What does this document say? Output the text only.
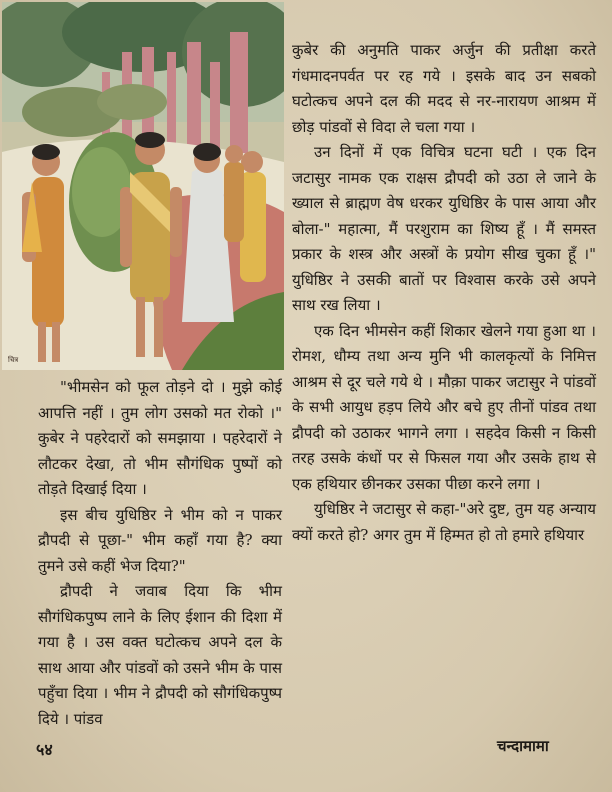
चित्र

कुबेर की अनुमति पाकर अर्जुन की प्रतीक्षा करते गंधमादनपर्वत पर रह गये । इसके बाद उन सबको घटोत्कच अपने दल की मदद से नर-नारायण आश्रम में छोड़ पांडवों से विदा ले चला गया ।

उन दिनों में एक विचित्र घटना घटी । एक दिन जटासुर नामक एक राक्षस द्रौपदी को उठा ले जाने के ख्याल से ब्राह्मण वेष धरकर युधिष्ठिर के पास आया और बोला-" महात्मा, मैं परशुराम का शिष्य हूँ । मैं समस्त प्रकार के शस्त्र और अस्त्रों के प्रयोग सीख चुका हूँ ।" युधिष्ठिर ने उसकी बातों पर विश्वास करके उसे अपने साथ रख लिया ।

एक दिन भीमसेन कहीं शिकार खेलने गया हुआ था । रोमश, धौम्य तथा अन्य मुनि भी कालकृत्यों के निमित्त आश्रम से दूर चले गये थे । मौक़ा पाकर जटासुर ने पांडवों के सभी आयुध हड़प लिये और बचे हुए तीनों पांडव तथा द्रौपदी को उठाकर भागने लगा । सहदेव किसी न किसी तरह उसके कंधों पर से फिसल गया और उसके हाथ से एक हथियार छीनकर उसका पीछा करने लगा ।

युधिष्ठिर ने जटासुर से कहा-"अरे दुष्ट, तुम यह अन्याय क्यों करते हो? अगर तुम में हिम्मत हो तो हमारे हथियार

"भीमसेन को फूल तोड़ने दो । मुझे कोई आपत्ति नहीं । तुम लोग उसको मत रोको ।" कुबेर ने पहरेदारों को समझाया । पहरेदारों ने लौटकर देखा, तो भीम सौगंधिक पुष्पों को तोड़ते दिखाई दिया ।

इस बीच युधिष्ठिर ने भीम को न पाकर द्रौपदी से पूछा-" भीम कहाँ गया है? क्या तुमने उसे कहीं भेज दिया?"

द्रौपदी ने जवाब दिया कि भीम सौगंधिकपुष्प लाने के लिए ईशान की दिशा में गया है । उस वक्त घटोत्कच अपने दल के साथ आया और पांडवों को उसने भीम के पास पहुँचा दिया । भीम ने द्रौपदी को सौगंधिकपुष्प दिये । पांडव

५४	चन्दामामा
